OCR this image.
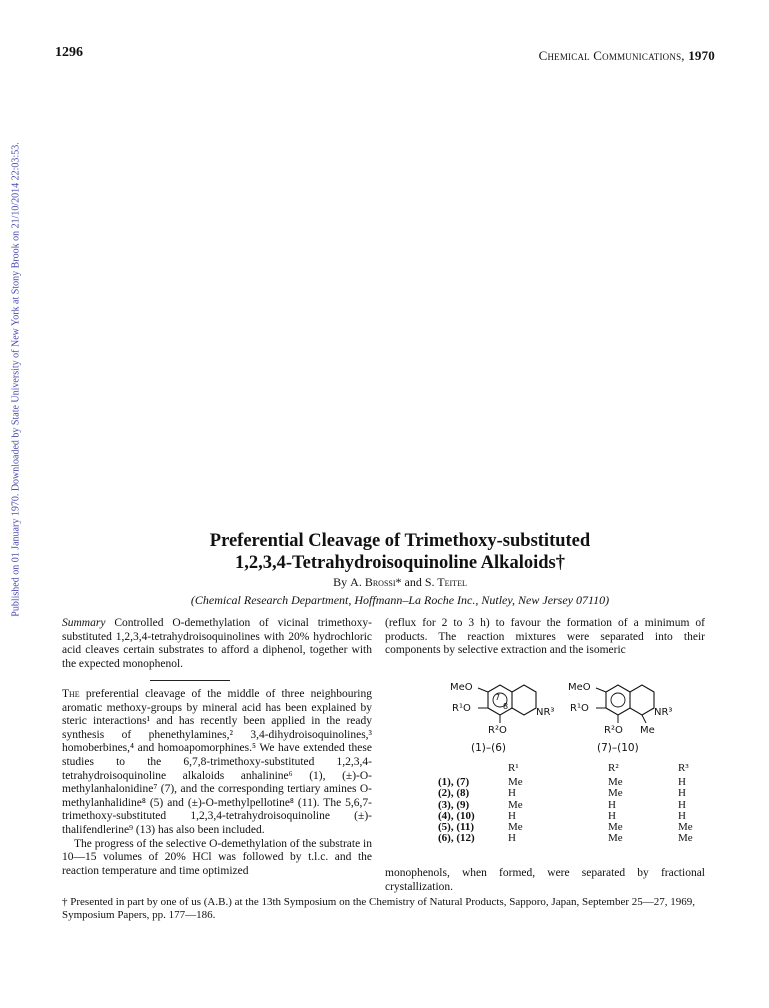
1296	Chemical Communications, 1970
Published on 01 January 1970. Downloaded by State University of New York at Stony Brook on 21/10/2014 22:03:53.	Preferential Cleavage of Trimethoxy-substituted
1,2,3,4-Tetrahydroisoquinoline Alkaloids†
By A. Brossi* and S. Teitel
(Chemical Research Department, Hoffmann–La Roche Inc., Nutley, New Jersey 07110)
Summary Controlled O-demethylation of vicinal trimethoxy-substituted 1,2,3,4-tetrahydroisoquinolines with 20% hydrochloric acid cleaves certain substrates to afford a diphenol, together with the expected monophenol.
(reflux for 2 to 3 h) to favour the formation of a minimum of products. The reaction mixtures were separated into their components by selective extraction and the isomeric
The preferential cleavage of the middle of three neighbouring aromatic methoxy-groups by mineral acid has been explained by steric interactions¹ and has recently been applied in the ready synthesis of phenethylamines,² 3,4-dihydroisoquinolines,³ homoberbines,⁴ and homoapomorphines.⁵ We have extended these studies to the 6,7,8-trimethoxy-substituted 1,2,3,4-tetrahydroisoquinoline alkaloids anhalinine⁶ (1), (±)-O-methylanhalonidine⁷ (7), and the corresponding tertiary amines O-methylanhalidine⁸ (5) and (±)-O-methylpellotine⁸ (11). The 5,6,7-trimethoxy-substituted 1,2,3,4-tetrahydroisoquinoline (±)-thalifendlerine⁹ (13) has also been included.
The progress of the selective O-demethylation of the substrate in 10—15 volumes of 20% HCl was followed by t.l.c. and the reaction temperature and time optimized
MeO
R¹O
R²O
NR³
7
8
MeO
R¹O
R²O
NR³
Me
(1)–(6)	(7)–(10)
	R¹	R²	R³
(1), (7)	Me	Me	H
(2), (8)	H	Me	H
(3), (9)	Me	H	H
(4), (10)	H	H	H
(5), (11)	Me	Me	Me
(6), (12)	H	Me	Me
monophenols, when formed, were separated by fractional crystallization.
† Presented in part by one of us (A.B.) at the 13th Symposium on the Chemistry of Natural Products, Sapporo, Japan, September 25—27, 1969, Symposium Papers, pp. 177—186.
